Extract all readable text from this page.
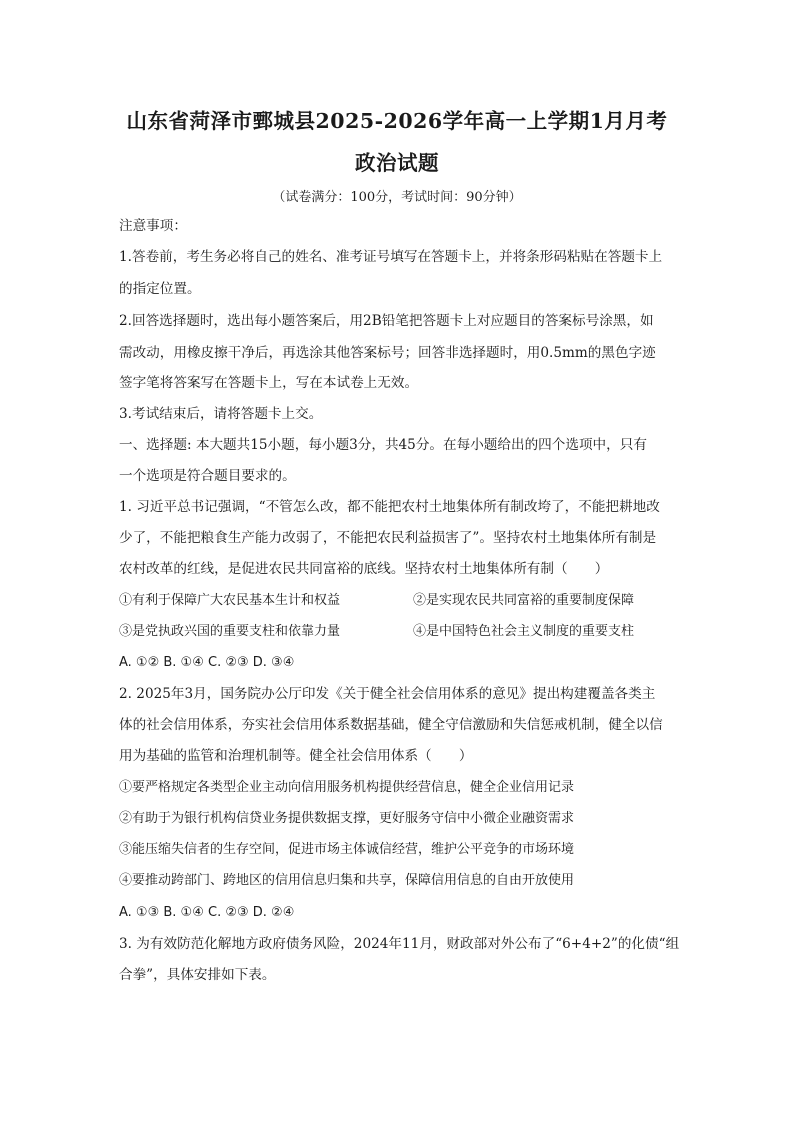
山东省菏泽市鄄城县2025-2026学年高一上学期1月月考
政治试题
（试卷满分：100分，考试时间：90分钟）
注意事项：
1.答卷前，考生务必将自己的姓名、准考证号填写在答题卡上，并将条形码粘贴在答题卡上
的指定位置。
2.回答选择题时，选出每小题答案后，用2B铅笔把答题卡上对应题目的答案标号涂黑，如
需改动，用橡皮擦干净后，再选涂其他答案标号；回答非选择题时，用0.5mm的黑色字迹
签字笔将答案写在答题卡上，写在本试卷上无效。
3.考试结束后，请将答题卡上交。
一、选择题: 本大题共15小题，每小题3分，共45分。在每小题给出的四个选项中，只有
一个选项是符合题目要求的。
1. 习近平总书记强调，“不管怎么改，都不能把农村土地集体所有制改垮了，不能把耕地改
少了，不能把粮食生产能力改弱了，不能把农民利益损害了”。坚持农村土地集体所有制是
农村改革的红线，是促进农民共同富裕的底线。坚持农村土地集体所有制（　　）
①有利于保障广大农民基本生计和权益	②是实现农民共同富裕的重要制度保障
③是党执政兴国的重要支柱和依靠力量	④是中国特色社会主义制度的重要支柱
A. ①② B. ①④ C. ②③ D. ③④
2. 2025年3月，国务院办公厅印发《关于健全社会信用体系的意见》提出构建覆盖各类主
体的社会信用体系，夯实社会信用体系数据基础，健全守信激励和失信惩戒机制，健全以信
用为基础的监管和治理机制等。健全社会信用体系（　　）
①要严格规定各类型企业主动向信用服务机构提供经营信息，健全企业信用记录
②有助于为银行机构信贷业务提供数据支撑，更好服务守信中小微企业融资需求
③能压缩失信者的生存空间，促进市场主体诚信经营，维护公平竞争的市场环境
④要推动跨部门、跨地区的信用信息归集和共享，保障信用信息的自由开放使用
A. ①③ B. ①④ C. ②③ D. ②④
3. 为有效防范化解地方政府债务风险，2024年11月，财政部对外公布了“6+4+2”的化债“组
合拳”，具体安排如下表。
